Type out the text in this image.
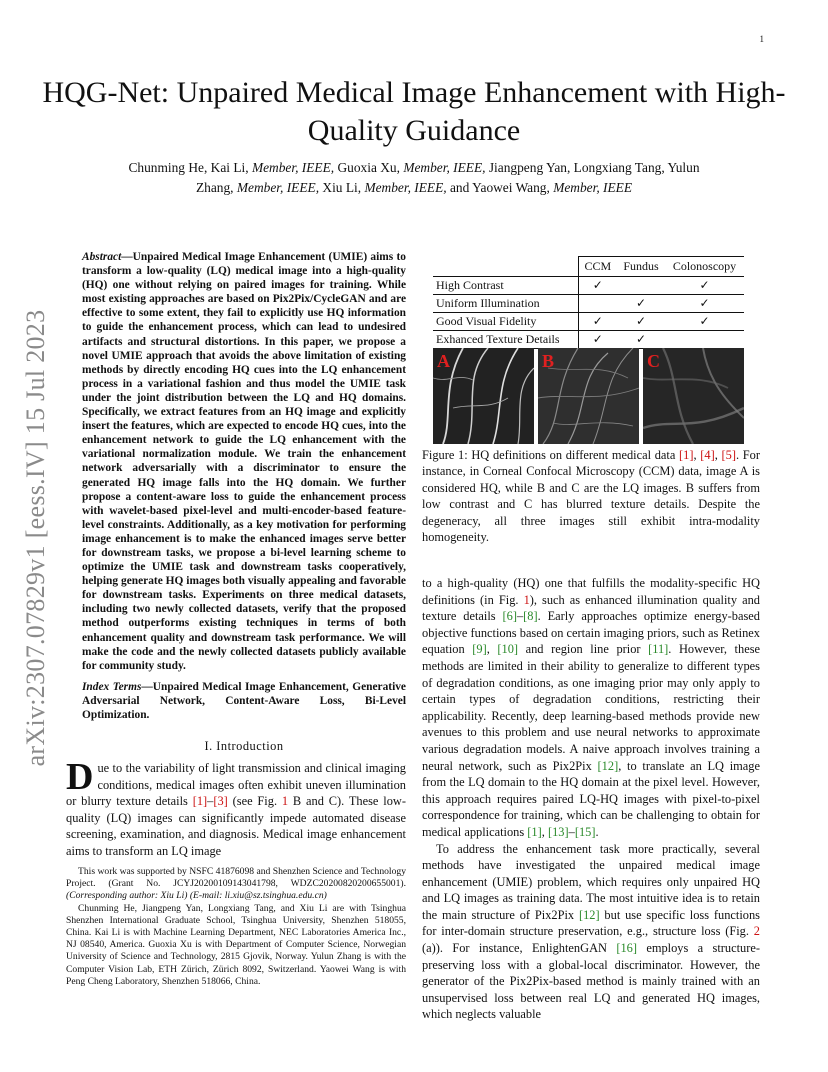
1
HQG-Net: Unpaired Medical Image Enhancement with High-Quality Guidance
Chunming He, Kai Li, Member, IEEE, Guoxia Xu, Member, IEEE, Jiangpeng Yan, Longxiang Tang, Yulun
Zhang, Member, IEEE, Xiu Li, Member, IEEE, and Yaowei Wang, Member, IEEE
arXiv:2307.07829v1 [eess.IV] 15 Jul 2023
Abstract—Unpaired Medical Image Enhancement (UMIE) aims to transform a low-quality (LQ) medical image into a high-quality (HQ) one without relying on paired images for training. While most existing approaches are based on Pix2Pix/CycleGAN and are effective to some extent, they fail to explicitly use HQ information to guide the enhancement process, which can lead to undesired artifacts and structural distortions. In this paper, we propose a novel UMIE approach that avoids the above limitation of existing methods by directly encoding HQ cues into the LQ enhancement process in a variational fashion and thus model the UMIE task under the joint distribution between the LQ and HQ domains. Specifically, we extract features from an HQ image and explicitly insert the features, which are expected to encode HQ cues, into the enhancement network to guide the LQ enhancement with the variational normalization module. We train the enhancement network adversarially with a discriminator to ensure the generated HQ image falls into the HQ domain. We further propose a content-aware loss to guide the enhancement process with wavelet-based pixel-level and multi-encoder-based feature-level constraints. Additionally, as a key motivation for performing image enhancement is to make the enhanced images serve better for downstream tasks, we propose a bi-level learning scheme to optimize the UMIE task and downstream tasks cooperatively, helping generate HQ images both visually appealing and favorable for downstream tasks. Experiments on three medical datasets, including two newly collected datasets, verify that the proposed method outperforms existing techniques in terms of both enhancement quality and downstream task performance. We will make the code and the newly collected datasets publicly available for community study.
Index Terms—Unpaired Medical Image Enhancement, Generative Adversarial Network, Content-Aware Loss, Bi-Level Optimization.
I. Introduction
Due to the variability of light transmission and clinical imaging conditions, medical images often exhibit uneven illumination or blurry texture details [1]–[3] (see Fig. 1 B and C). These low-quality (LQ) images can significantly impede automated disease screening, examination, and diagnosis. Medical image enhancement aims to transform an LQ image

This work was supported by NSFC 41876098 and Shenzhen Science and Technology Project. (Grant No. JCYJ20200109143041798, WDZC20200820200655001). (Corresponding author: Xiu Li) (E-mail: li.xiu@sz.tsinghua.edu.cn)

Chunming He, Jiangpeng Yan, Longxiang Tang, and Xiu Li are with Tsinghua Shenzhen International Graduate School, Tsinghua University, Shenzhen 518055, China. Kai Li is with Machine Learning Department, NEC Laboratories America Inc., NJ 08540, America. Guoxia Xu is with Department of Computer Science, Norwegian University of Science and Technology, 2815 Gjovik, Norway. Yulun Zhang is with the Computer Vision Lab, ETH Zürich, Zürich 8092, Switzerland. Yaowei Wang is with Peng Cheng Laboratory, Shenzhen 518066, China.

	CCM	Fundus	Colonoscopy
High Contrast	✓		✓
Uniform Illumination		✓	✓
Good Visual Fidelity	✓	✓	✓
Exhanced Texture Details	✓	✓	
A	B	C
Figure 1: HQ definitions on different medical data [1], [4], [5]. For instance, in Corneal Confocal Microscopy (CCM) data, image A is considered HQ, while B and C are the LQ images. B suffers from low contrast and C has blurred texture details. Despite the degeneracy, all three images still exhibit intra-modality homogeneity.

to a high-quality (HQ) one that fulfills the modality-specific HQ definitions (in Fig. 1), such as enhanced illumination quality and texture details [6]–[8]. Early approaches optimize energy-based objective functions based on certain imaging priors, such as Retinex equation [9], [10] and region line prior [11]. However, these methods are limited in their ability to generalize to different types of degradation conditions, as one imaging prior may only apply to certain types of degradation conditions, restricting their applicability. Recently, deep learning-based methods provide new avenues to this problem and use neural networks to approximate various degradation models. A naive approach involves training a neural network, such as Pix2Pix [12], to translate an LQ image from the LQ domain to the HQ domain at the pixel level. However, this approach requires paired LQ-HQ images with pixel-to-pixel correspondence for training, which can be challenging to obtain for medical applications [1], [13]–[15].

To address the enhancement task more practically, several methods have investigated the unpaired medical image enhancement (UMIE) problem, which requires only unpaired HQ and LQ images as training data. The most intuitive idea is to retain the main structure of Pix2Pix [12] but use specific loss functions for inter-domain structure preservation, e.g., structure loss (Fig. 2 (a)). For instance, EnlightenGAN [16] employs a structure-preserving loss with a global-local discriminator. However, the generator of the Pix2Pix-based method is mainly trained with an unsupervised loss between real LQ and generated HQ images, which neglects valuable
